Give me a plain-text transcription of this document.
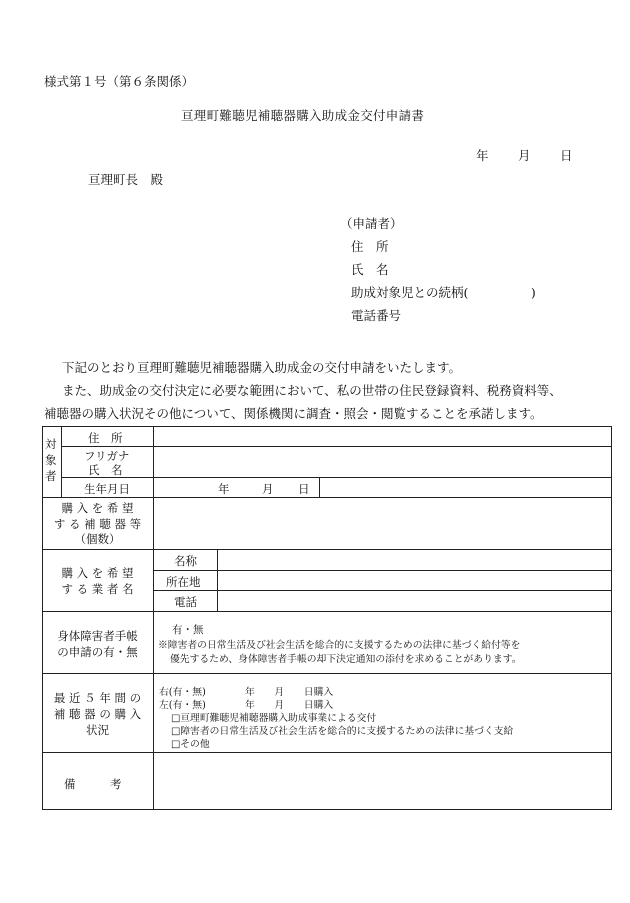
様式第１号（第６条関係）
亘理町難聴児補聴器購入助成金交付申請書
年 月 日
亘理町長　殿
（申請者）
住　所
氏　名
助成対象児との続柄(　　　　　)
電話番号
下記のとおり亘理町難聴児補聴器購入助成金の交付申請をいたします。
また、助成金の交付決定に必要な範囲において、私の世帯の住民登録資料、税務資料等、
補聴器の購入状況その他について、関係機関に調査・照会・閲覧することを承諾します。
対
象
者
住　所
フリガナ
氏　名
生年月日	年	月 日
購 入 を 希 望
す る 補 聴 器 等
（個数）
購 入 を 希 望
す る 業 者 名
名称
所在地
電話
身体障害者手帳
の申請の有・無
有・無
※障害者の日常生活及び社会生活を総合的に支援するための法律に基づく給付等を
優先するため、身体障害者手帳の却下決定通知の添付を求めることがあります。
最 近 ５ 年 間 の
補 聴 器 の 購 入
状況
右(有・無)　　　　年　　月　　日購入
左(有・無)　　　　年　　月　　日購入
□亘理町難聴児補聴器購入助成事業による交付
□障害者の日常生活及び社会生活を総合的に支援するための法律に基づく支給
□その他
備　　　考
